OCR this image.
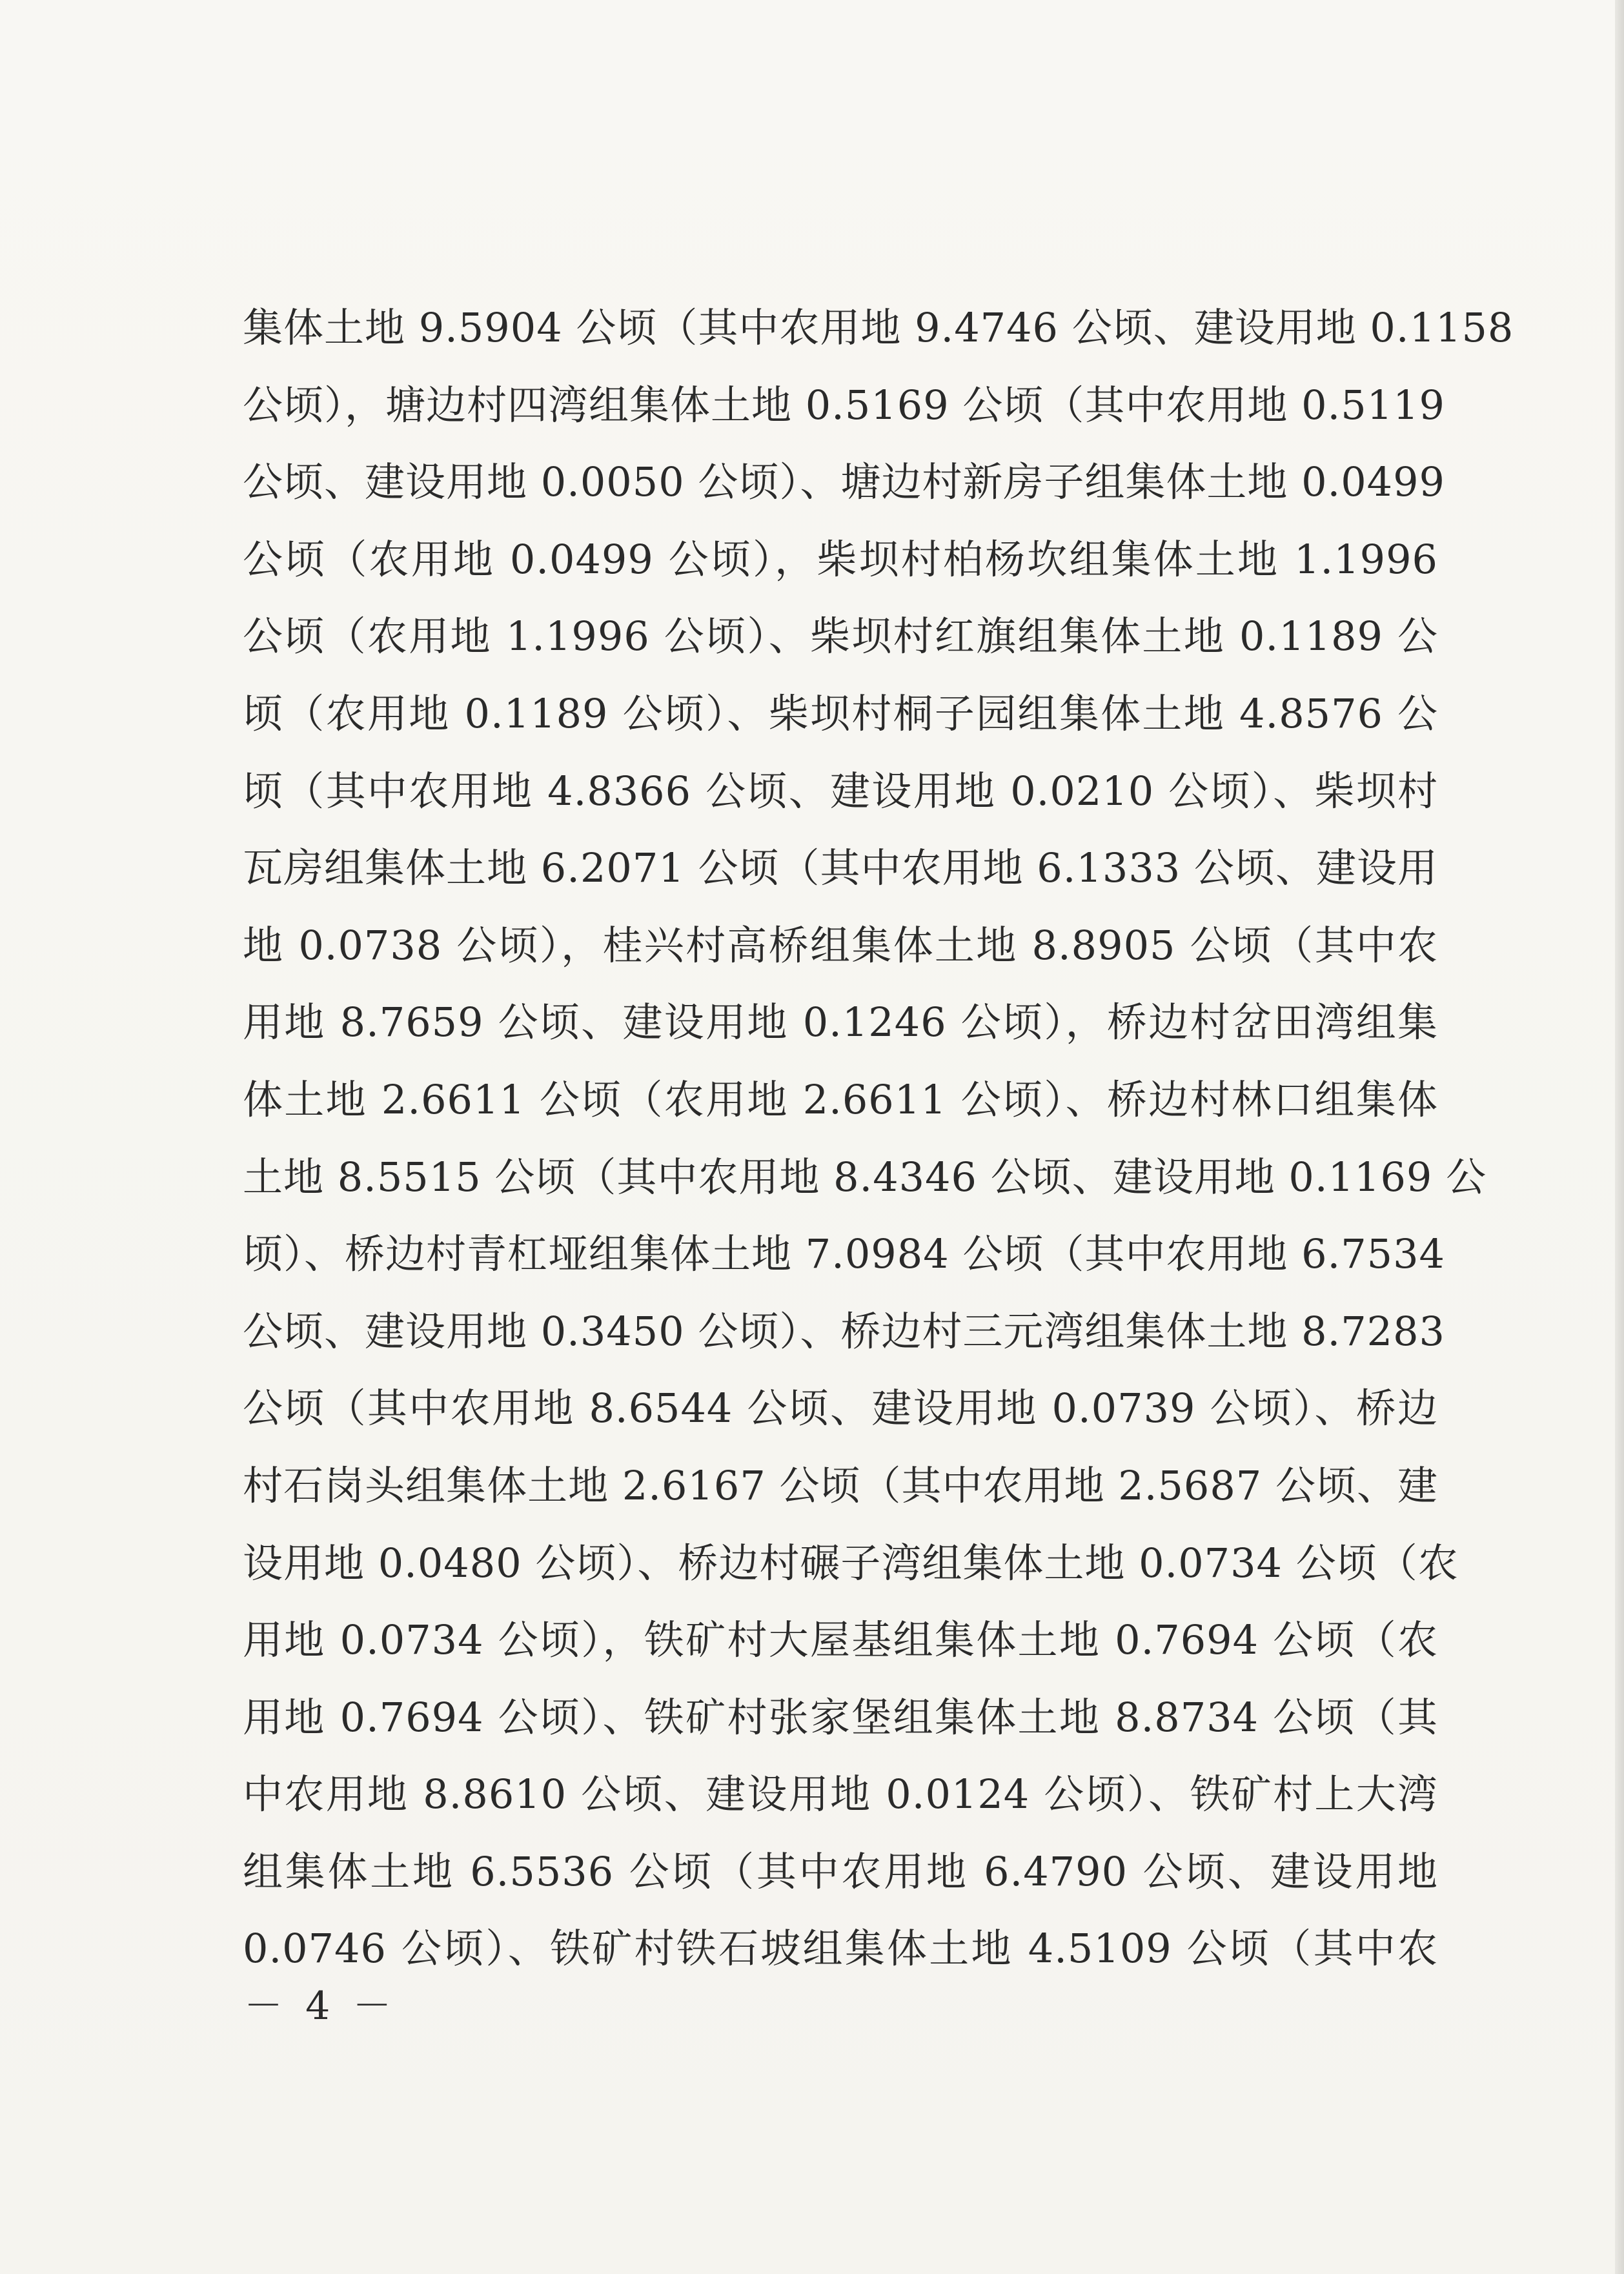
集体土地 9.5904 公顷（其中农用地 9.4746 公顷、建设用地 0.1158
公顷），塘边村四湾组集体土地 0.5169 公顷（其中农用地 0.5119
公顷、建设用地 0.0050 公顷）、塘边村新房子组集体土地 0.0499
公顷（农用地 0.0499 公顷），柴坝村柏杨坎组集体土地 1.1996
公顷（农用地 1.1996 公顷）、柴坝村红旗组集体土地 0.1189 公
顷（农用地 0.1189 公顷）、柴坝村桐子园组集体土地 4.8576 公
顷（其中农用地 4.8366 公顷、建设用地 0.0210 公顷）、柴坝村
瓦房组集体土地 6.2071 公顷（其中农用地 6.1333 公顷、建设用
地 0.0738 公顷），桂兴村高桥组集体土地 8.8905 公顷（其中农
用地 8.7659 公顷、建设用地 0.1246 公顷），桥边村岔田湾组集
体土地 2.6611 公顷（农用地 2.6611 公顷）、桥边村林口组集体
土地 8.5515 公顷（其中农用地 8.4346 公顷、建设用地 0.1169 公
顷）、桥边村青杠垭组集体土地 7.0984 公顷（其中农用地 6.7534
公顷、建设用地 0.3450 公顷）、桥边村三元湾组集体土地 8.7283
公顷（其中农用地 8.6544 公顷、建设用地 0.0739 公顷）、桥边
村石岗头组集体土地 2.6167 公顷（其中农用地 2.5687 公顷、建
设用地 0.0480 公顷）、桥边村碾子湾组集体土地 0.0734 公顷（农
用地 0.0734 公顷），铁矿村大屋基组集体土地 0.7694 公顷（农
用地 0.7694 公顷）、铁矿村张家堡组集体土地 8.8734 公顷（其
中农用地 8.8610 公顷、建设用地 0.0124 公顷）、铁矿村上大湾
组集体土地 6.5536 公顷（其中农用地 6.4790 公顷、建设用地
0.0746 公顷）、铁矿村铁石坡组集体土地 4.5109 公顷（其中农
－ 4 －
